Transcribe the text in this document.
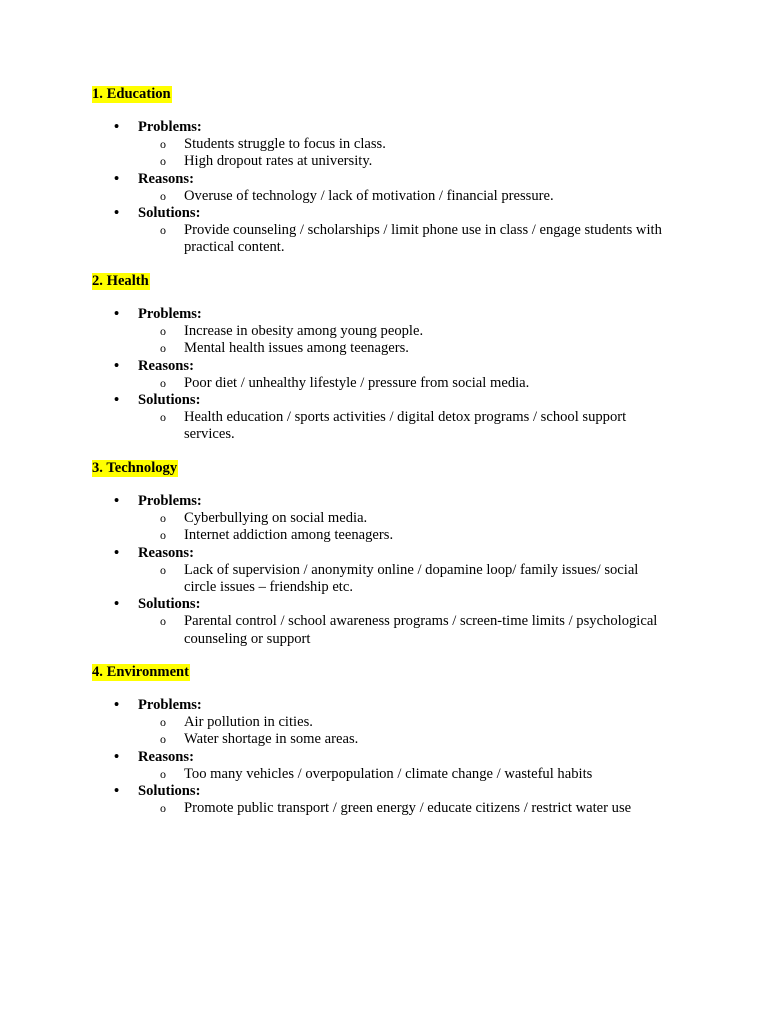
1. Education
• Problems:
o Students struggle to focus in class.
o High dropout rates at university.
• Reasons:
o Overuse of technology / lack of motivation / financial pressure.
• Solutions:
o Provide counseling / scholarships / limit phone use in class / engage students with practical content.
2. Health
• Problems:
o Increase in obesity among young people.
o Mental health issues among teenagers.
• Reasons:
o Poor diet / unhealthy lifestyle / pressure from social media.
• Solutions:
o Health education / sports activities / digital detox programs / school support services.
3. Technology
• Problems:
o Cyberbullying on social media.
o Internet addiction among teenagers.
• Reasons:
o Lack of supervision / anonymity online / dopamine loop/ family issues/ social circle issues – friendship etc.
• Solutions:
o Parental control / school awareness programs / screen-time limits / psychological counseling or support
4. Environment
• Problems:
o Air pollution in cities.
o Water shortage in some areas.
• Reasons:
o Too many vehicles / overpopulation / climate change / wasteful habits
• Solutions:
o Promote public transport / green energy / educate citizens / restrict water use
